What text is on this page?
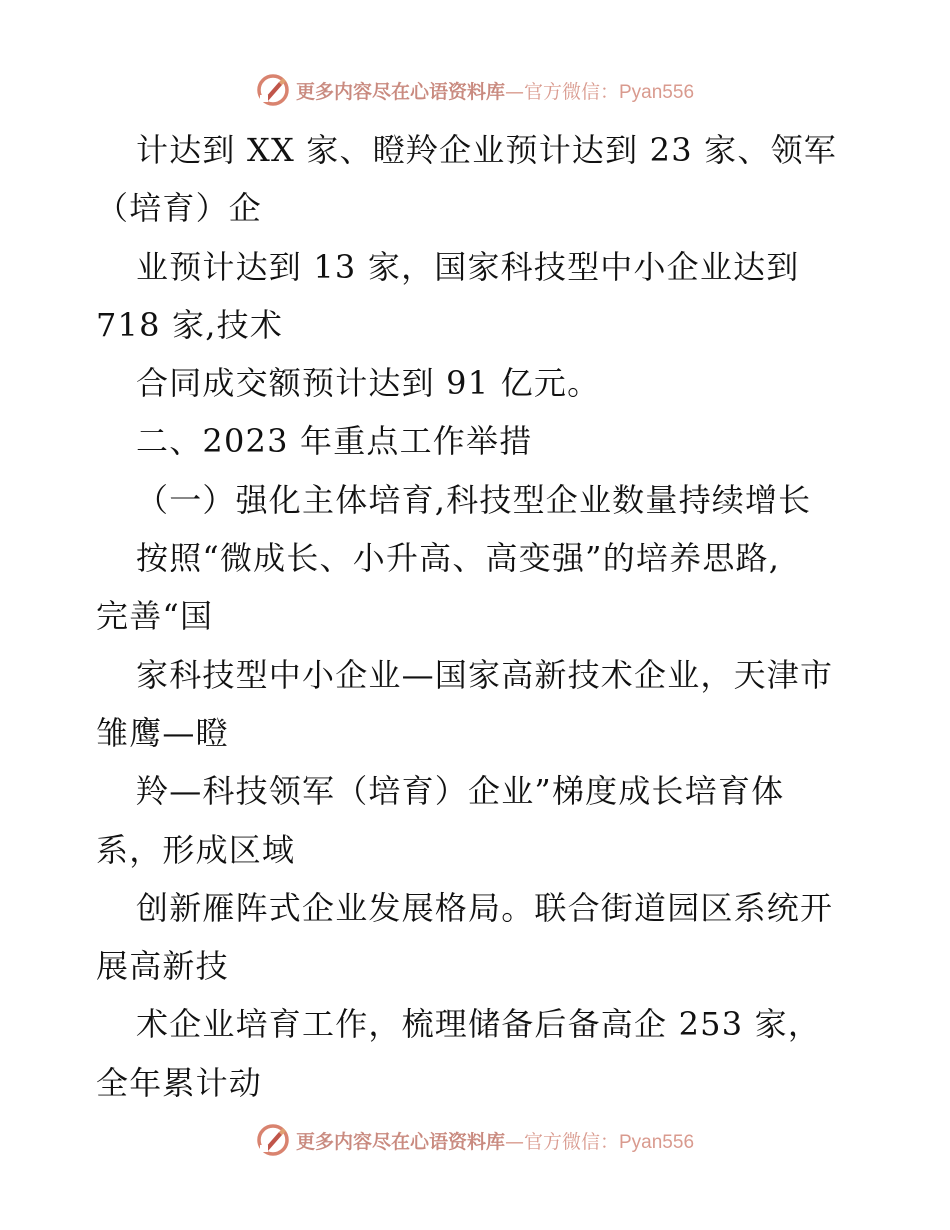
更多内容尽在心语资料库—官方微信：Pyan556

计达到 XX 家、瞪羚企业预计达到 23 家、领军

（培育）企

业预计达到 13 家，国家科技型中小企业达到

718 家,技术

合同成交额预计达到 91 亿元。

二、2023 年重点工作举措

（一）强化主体培育,科技型企业数量持续增长

按照“微成长、小升高、高变强”的培养思路,

完善“国

家科技型中小企业—国家高新技术企业，天津市

雏鹰—瞪

羚—科技领军（培育）企业”梯度成长培育体

系，形成区域

创新雁阵式企业发展格局。联合街道园区系统开

展高新技

术企业培育工作，梳理储备后备高企 253 家，

全年累计动

更多内容尽在心语资料库—官方微信：Pyan556
